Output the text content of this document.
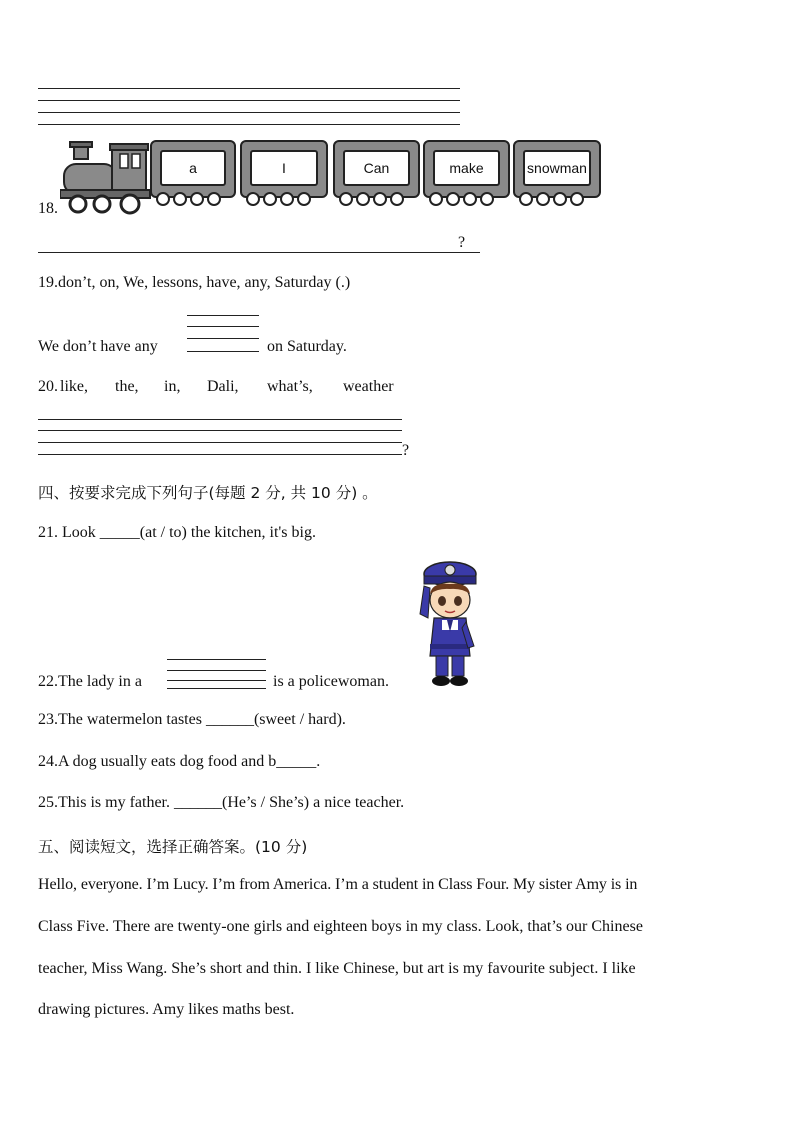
18.
a	I	Can	make	snowman
?
19.don’t, on, We, lessons, have, any, Saturday (.)
We don’t have any	on Saturday.
20. like, the, in, Dali, what’s, weather
?
四、按要求完成下列句子(每题 2 分, 共 10 分) 。
21. Look _____(at / to) the kitchen, it's big.
22.The lady in a	is a policewoman.
23.The watermelon tastes ______(sweet / hard).
24.A dog usually eats dog food and b_____.
25.This is my father. ______(He’s / She’s) a nice teacher.
五、阅读短文，选择正确答案。(10 分)
Hello, everyone. I’m Lucy. I’m from America. I’m a student in Class Four. My sister Amy is in
Class Five. There are twenty-one girls and eighteen boys in my class. Look, that’s our Chinese
teacher, Miss Wang. She’s short and thin. I like Chinese, but art is my favourite subject. I like
drawing pictures. Amy likes maths best.
